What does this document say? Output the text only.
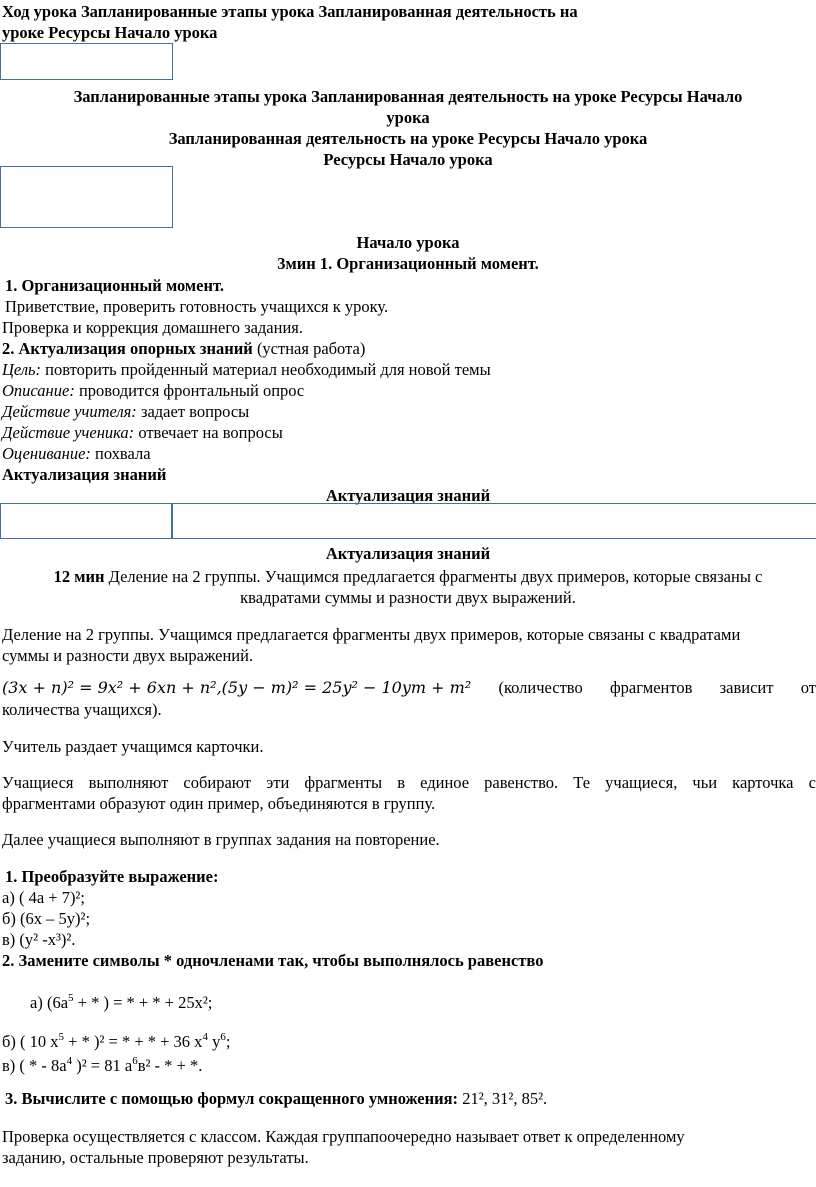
Ход урока Запланированные этапы урока Запланированная деятельность на
уроке Ресурсы Начало урока
Запланированные этапы урока Запланированная деятельность на уроке Ресурсы Начало
урока
Запланированная деятельность на уроке Ресурсы Начало урока
Ресурсы Начало урока
Начало урока
3мин 1. Организационный момент.
1. Организационный момент.
Приветствие, проверить готовность учащихся к уроку.
Проверка и коррекция домашнего задания.
2. Актуализация опорных знаний (устная работа)
Цель: повторить пройденный материал необходимый для новой темы
Описание: проводится фронтальный опрос
Действие учителя: задает вопросы
Действие ученика: отвечает на вопросы
Оценивание: похвала
Актуализация знаний
Актуализация знаний
Актуализация знаний
12 мин Деление на 2 группы. Учащимся предлагается фрагменты двух примеров, которые связаны с
квадратами суммы и разности двух выражений.
Деление на 2 группы. Учащимся предлагается фрагменты двух примеров, которые связаны с квадратами
суммы и разности двух выражений.
(3x + n)² = 9x² + 6xn + n²,(5y − m)² = 25y² − 10ym + m² (количество фрагментов зависит от
количества учащихся).
Учитель раздает учащимся карточки.
Учащиеся выполняют собирают эти фрагменты в единое равенство. Те учащиеся, чьи карточка с
фрагментами образуют один пример, объединяются в группу.
Далее учащиеся выполняют в группах задания на повторение.
1. Преобразуйте выражение:
а) ( 4а + 7)²;
б) (6х – 5у)²;
в) (у² -х³)².
2. Замените символы * одночленами так, чтобы выполнялось равенство
а) ($6а^5$ + * ) = * + * + 25х²;
б) ( 10 $х^5$ + * )² = * + * + 36 $х^4$ $у^6$;
в) ( * - $8а^4$ )² = 81 $а^6в^2$ - * + *.
3. Вычислите с помощью формул сокращенного умножения: 21², 31², 85².
Проверка осуществляется с классом. Каждая группапоочередно называет ответ к определенному
заданию, остальные проверяют результаты.
